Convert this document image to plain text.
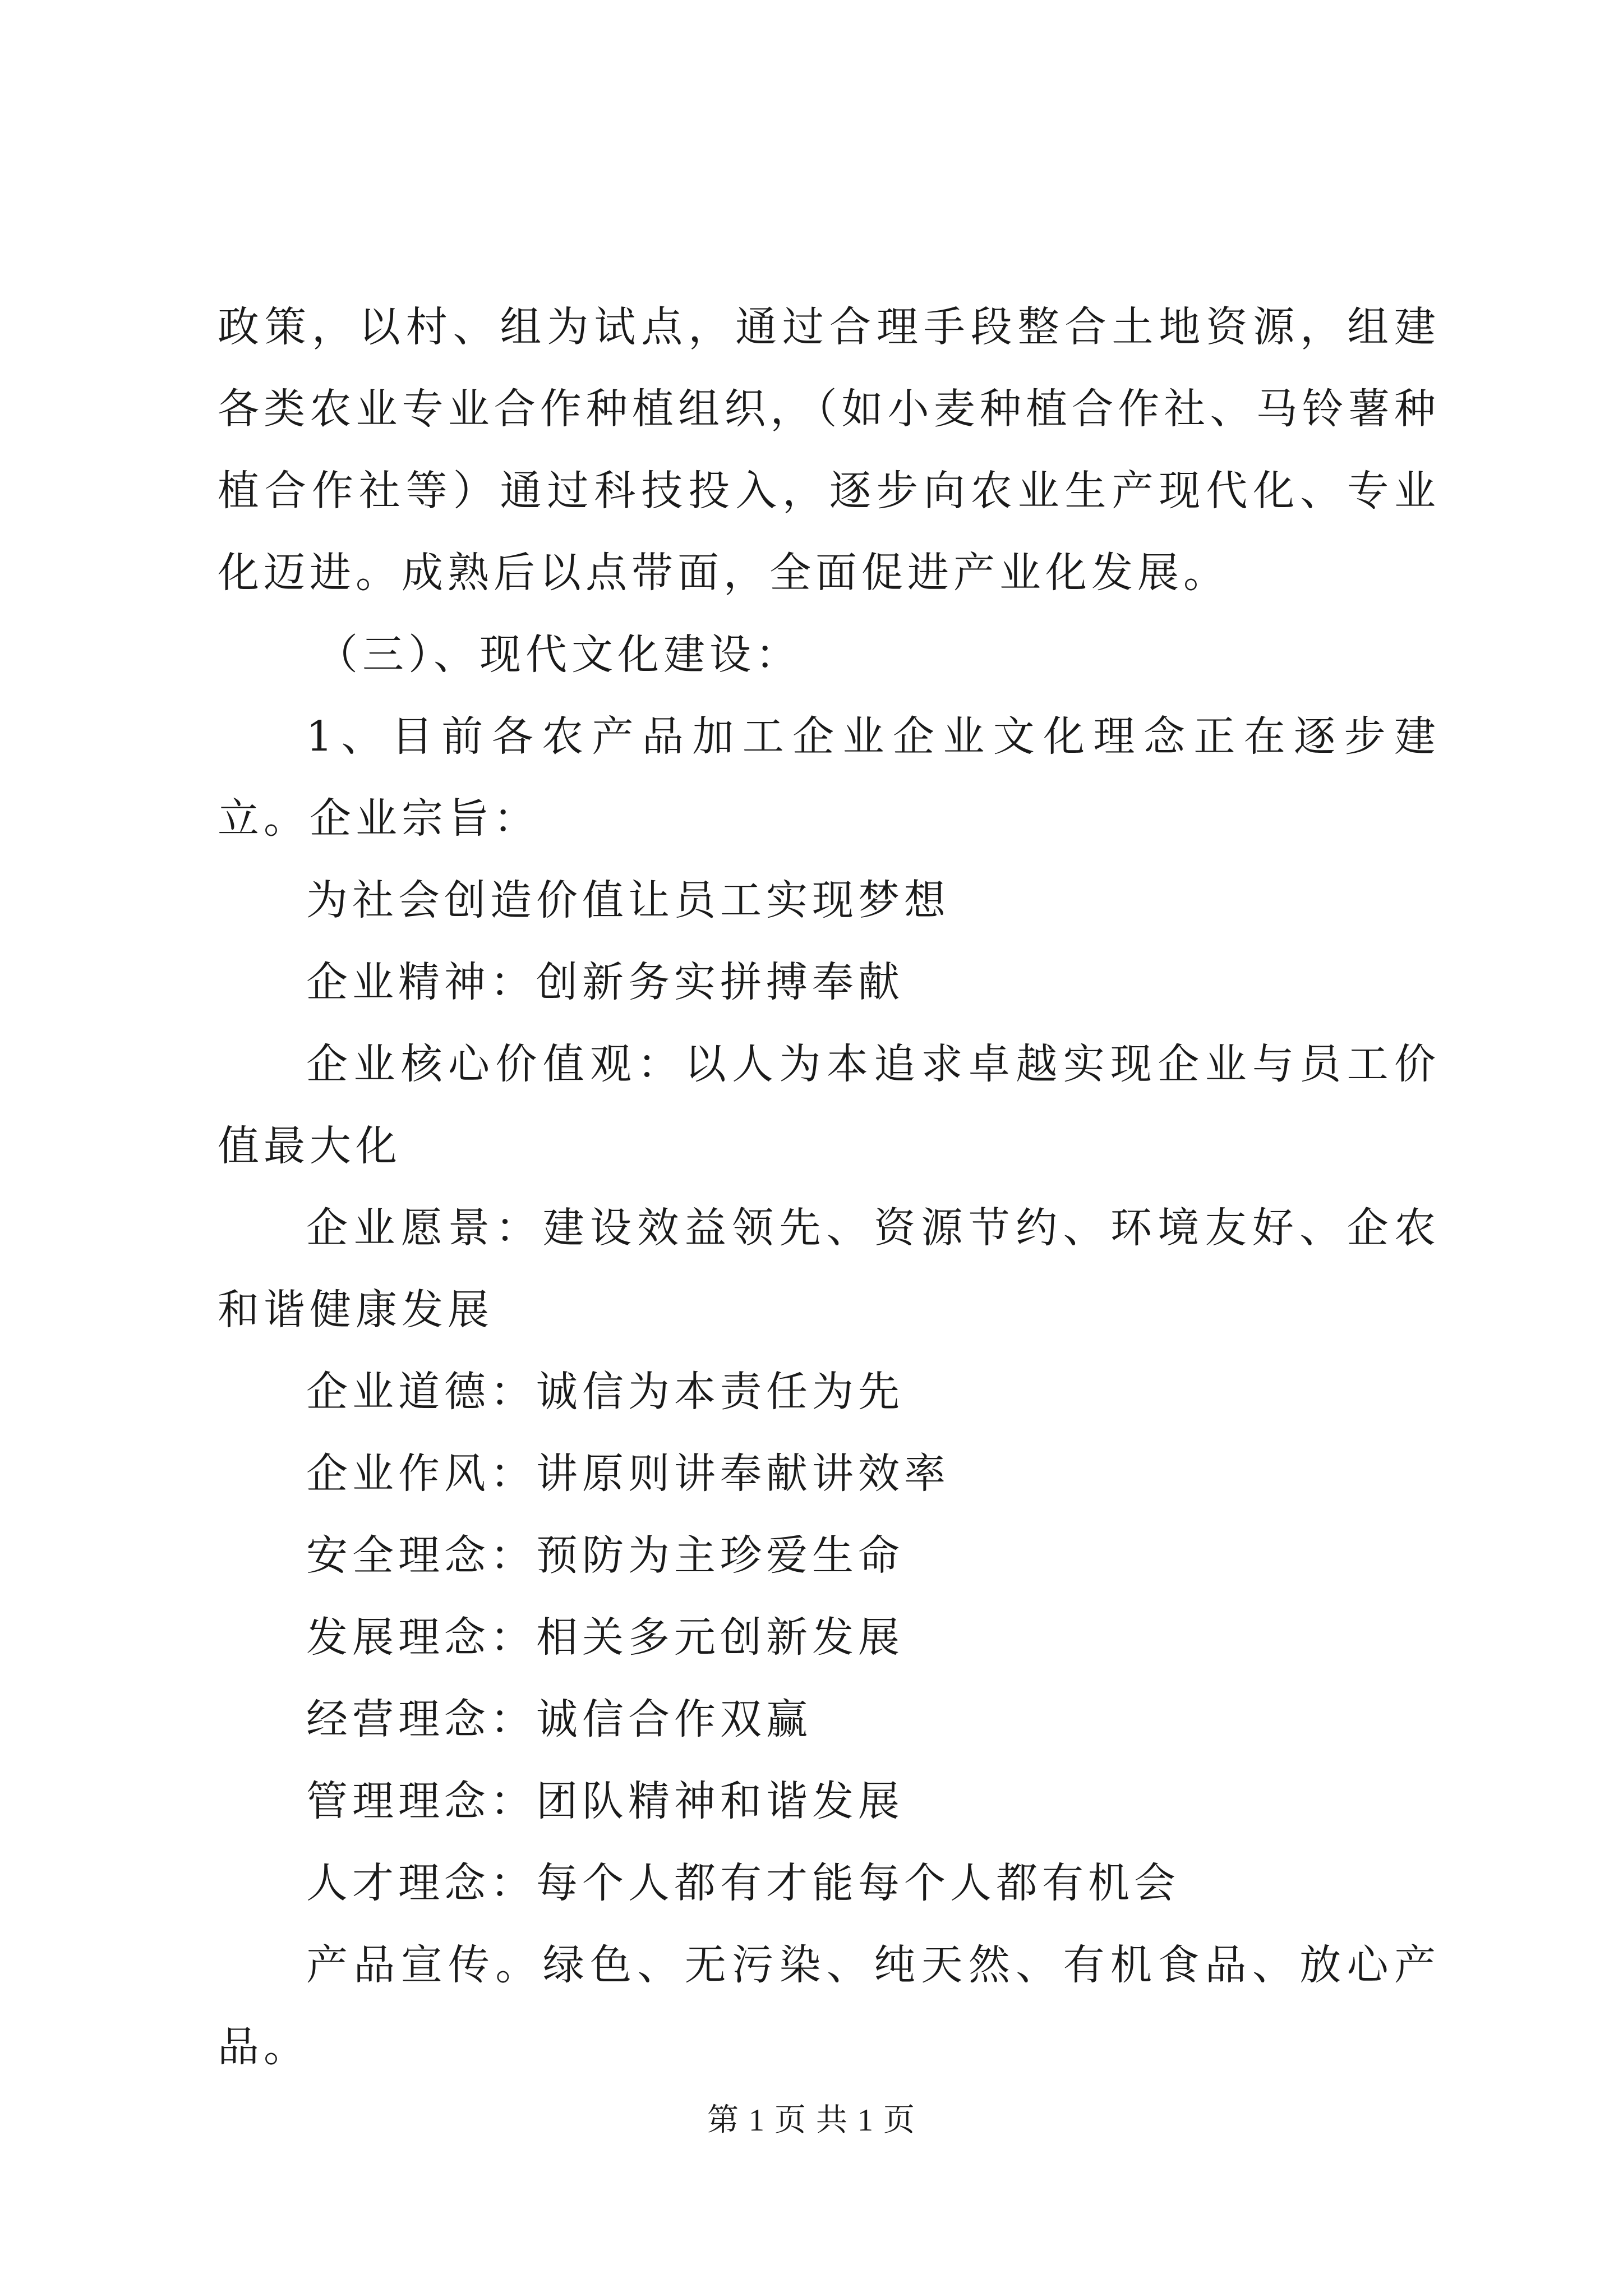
政策，以村、组为试点，通过合理手段整合土地资源，组建各类农业专业合作种植组织，（如小麦种植合作社、马铃薯种植合作社等）通过科技投入，逐步向农业生产现代化、专业化迈进。成熟后以点带面，全面促进产业化发展。

（三）、现代文化建设：

1、目前各农产品加工企业企业文化理念正在逐步建立。企业宗旨：

为社会创造价值让员工实现梦想

企业精神：创新务实拼搏奉献

企业核心价值观：以人为本追求卓越实现企业与员工价值最大化

企业愿景：建设效益领先、资源节约、环境友好、企农和谐健康发展

企业道德：诚信为本责任为先

企业作风：讲原则讲奉献讲效率

安全理念：预防为主珍爱生命

发展理念：相关多元创新发展

经营理念：诚信合作双赢

管理理念：团队精神和谐发展

人才理念：每个人都有才能每个人都有机会

产品宣传。绿色、无污染、纯天然、有机食品、放心产品。

第 1 页 共 1 页
